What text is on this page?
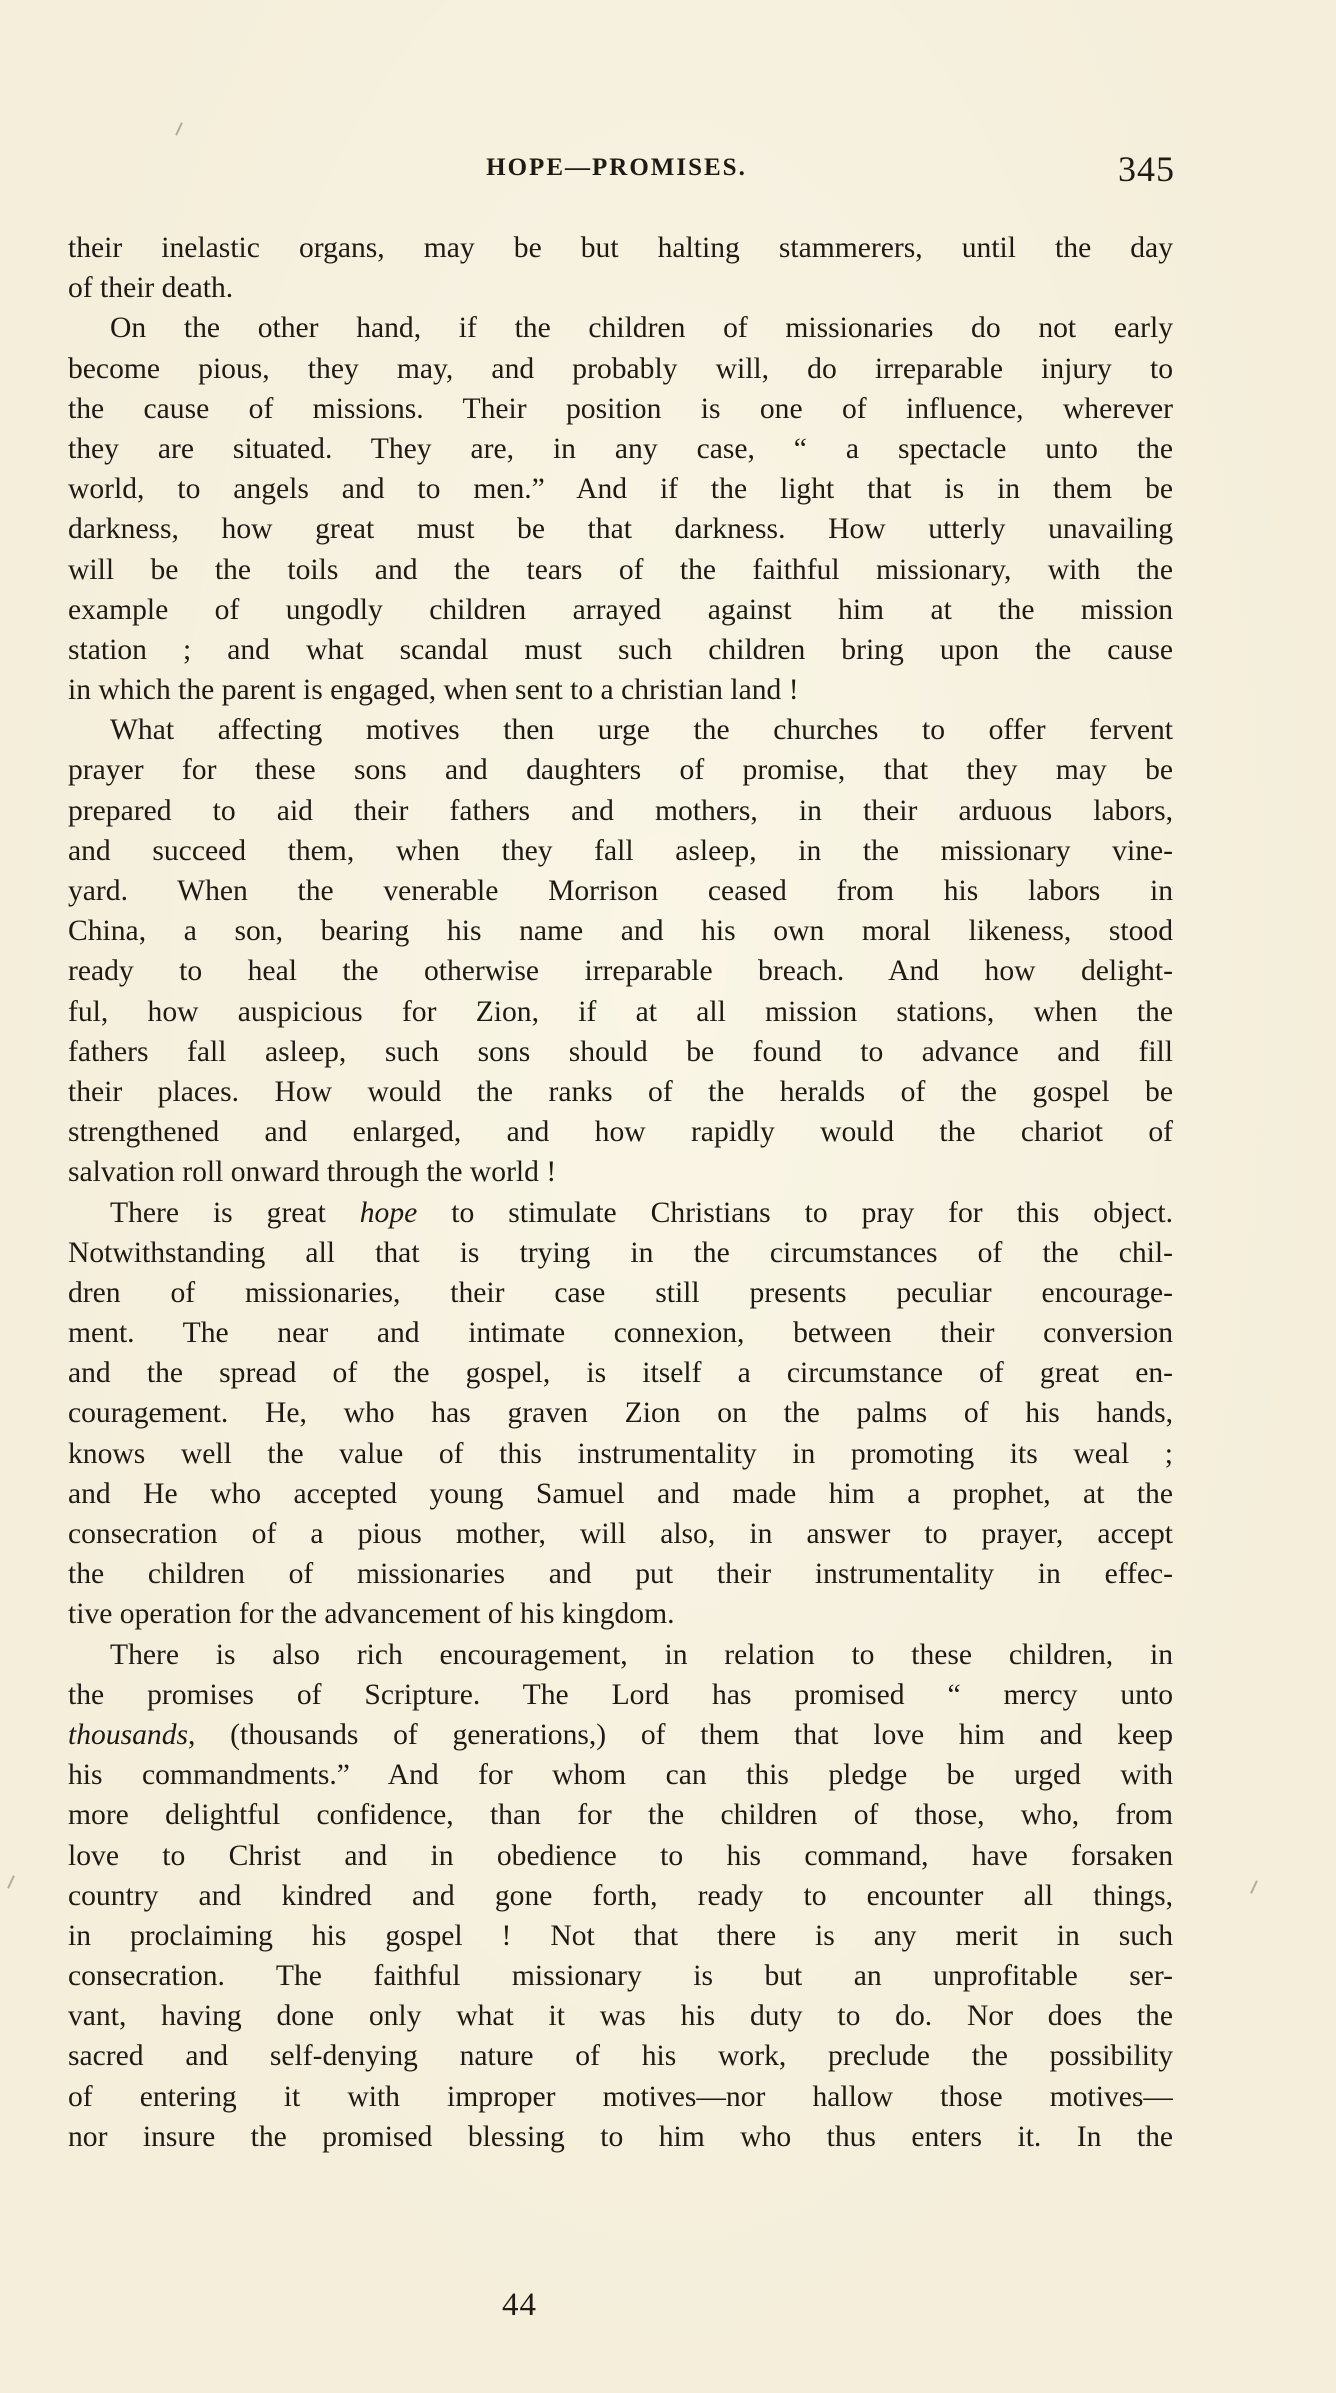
HOPE—PROMISES.	345
their inelastic organs, may be but halting stammerers, until the day
of their death.
On the other hand, if the children of missionaries do not early
become pious, they may, and probably will, do irreparable injury to
the cause of missions. Their position is one of influence, wherever
they are situated. They are, in any case, “ a spectacle unto the
world, to angels and to men.” And if the light that is in them be
darkness, how great must be that darkness. How utterly unavailing
will be the toils and the tears of the faithful missionary, with the
example of ungodly children arrayed against him at the mission
station ; and what scandal must such children bring upon the cause
in which the parent is engaged, when sent to a christian land !
What affecting motives then urge the churches to offer fervent
prayer for these sons and daughters of promise, that they may be
prepared to aid their fathers and mothers, in their arduous labors,
and succeed them, when they fall asleep, in the missionary vine-
yard. When the venerable Morrison ceased from his labors in
China, a son, bearing his name and his own moral likeness, stood
ready to heal the otherwise irreparable breach. And how delight-
ful, how auspicious for Zion, if at all mission stations, when the
fathers fall asleep, such sons should be found to advance and fill
their places. How would the ranks of the heralds of the gospel be
strengthened and enlarged, and how rapidly would the chariot of
salvation roll onward through the world !
There is great hope to stimulate Christians to pray for this object.
Notwithstanding all that is trying in the circumstances of the chil-
dren of missionaries, their case still presents peculiar encourage-
ment. The near and intimate connexion, between their conversion
and the spread of the gospel, is itself a circumstance of great en-
couragement. He, who has graven Zion on the palms of his hands,
knows well the value of this instrumentality in promoting its weal ;
and He who accepted young Samuel and made him a prophet, at the
consecration of a pious mother, will also, in answer to prayer, accept
the children of missionaries and put their instrumentality in effec-
tive operation for the advancement of his kingdom.
There is also rich encouragement, in relation to these children, in
the promises of Scripture. The Lord has promised “ mercy unto
thousands, (thousands of generations,) of them that love him and keep
his commandments.” And for whom can this pledge be urged with
more delightful confidence, than for the children of those, who, from
love to Christ and in obedience to his command, have forsaken
country and kindred and gone forth, ready to encounter all things,
in proclaiming his gospel ! Not that there is any merit in such
consecration. The faithful missionary is but an unprofitable ser-
vant, having done only what it was his duty to do. Nor does the
sacred and self-denying nature of his work, preclude the possibility
of entering it with improper motives—nor hallow those motives—
nor insure the promised blessing to him who thus enters it. In the
44
